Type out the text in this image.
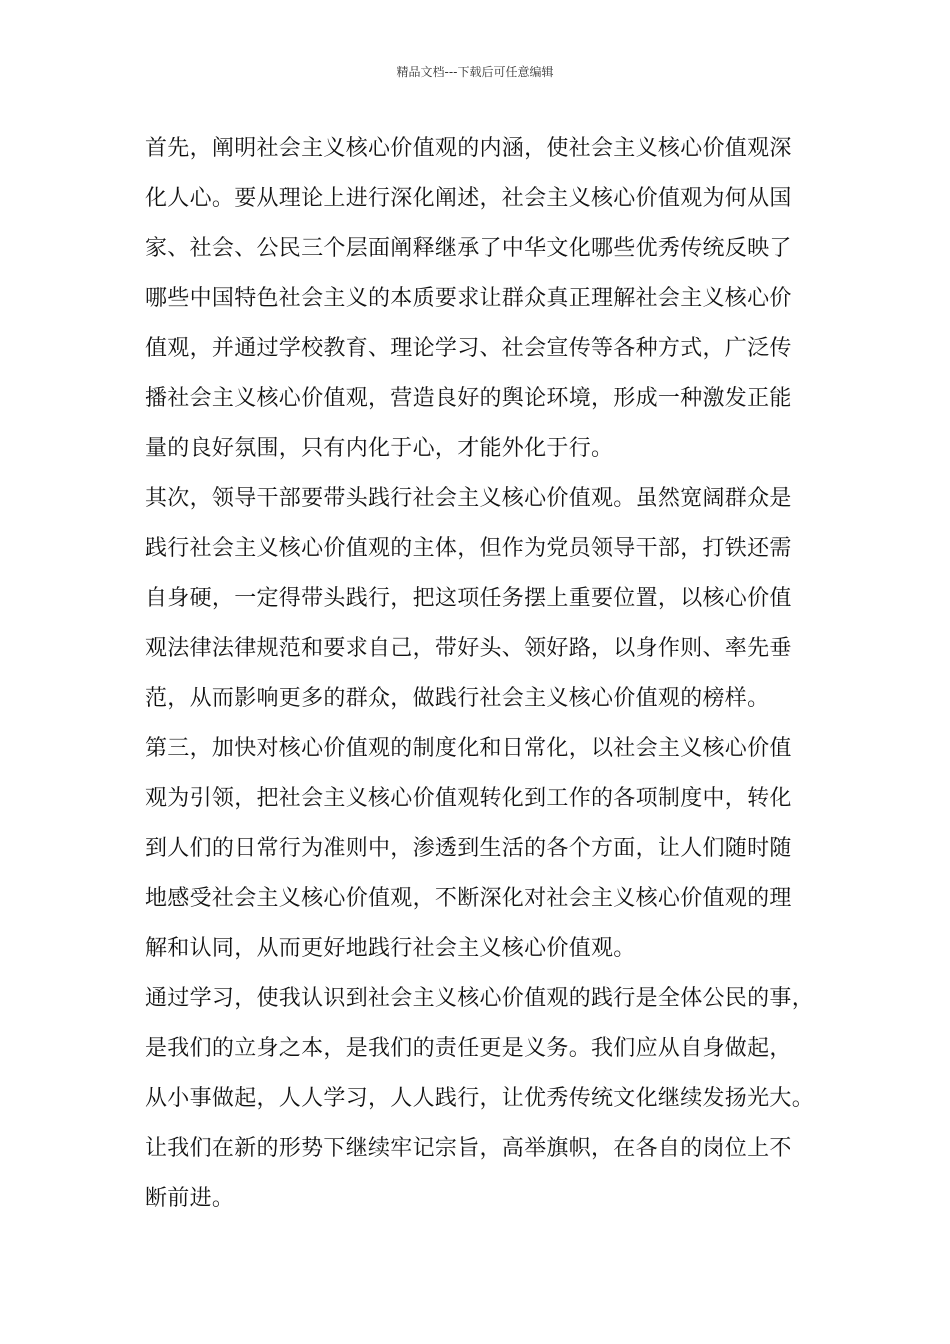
精品文档---下载后可任意编辑
首先，阐明社会主义核心价值观的内涵，使社会主义核心价值观深
化人心。要从理论上进行深化阐述，社会主义核心价值观为何从国
家、社会、公民三个层面阐释继承了中华文化哪些优秀传统反映了
哪些中国特色社会主义的本质要求让群众真正理解社会主义核心价
值观，并通过学校教育、理论学习、社会宣传等各种方式，广泛传
播社会主义核心价值观，营造良好的舆论环境，形成一种激发正能
量的良好氛围，只有内化于心，才能外化于行。
其次，领导干部要带头践行社会主义核心价值观。虽然宽阔群众是
践行社会主义核心价值观的主体，但作为党员领导干部，打铁还需
自身硬，一定得带头践行，把这项任务摆上重要位置，以核心价值
观法律法律规范和要求自己，带好头、领好路，以身作则、率先垂
范，从而影响更多的群众，做践行社会主义核心价值观的榜样。
第三，加快对核心价值观的制度化和日常化，以社会主义核心价值
观为引领，把社会主义核心价值观转化到工作的各项制度中，转化
到人们的日常行为准则中，渗透到生活的各个方面，让人们随时随
地感受社会主义核心价值观，不断深化对社会主义核心价值观的理
解和认同，从而更好地践行社会主义核心价值观。
通过学习，使我认识到社会主义核心价值观的践行是全体公民的事，
是我们的立身之本，是我们的责任更是义务。我们应从自身做起，
从小事做起，人人学习，人人践行，让优秀传统文化继续发扬光大。
让我们在新的形势下继续牢记宗旨，高举旗帜，在各自的岗位上不
断前进。
